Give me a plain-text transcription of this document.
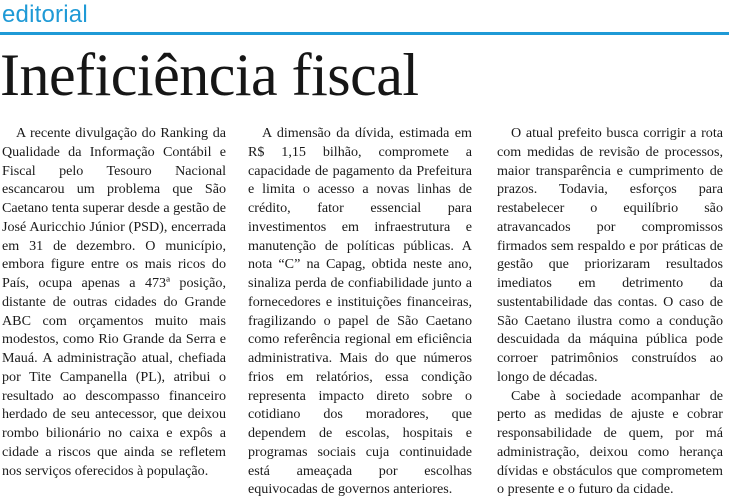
editorial
Ineficiência fiscal

A recente divulgação do Ranking da Qualidade da Informação Contábil e Fiscal pelo Tesouro Nacional escancarou um problema que São Caetano tenta superar desde a gestão de José Auricchio Júnior (PSD), encerrada em 31 de dezembro. O município, embora figure entre os mais ricos do País, ocupa apenas a 473ª posição, distante de outras cidades do Grande ABC com orçamentos muito mais modestos, como Rio Grande da Serra e Mauá. A administração atual, chefiada por Tite Campanella (PL), atribui o resultado ao descompasso financeiro herdado de seu antecessor, que deixou rombo bilionário no caixa e expôs a cidade a riscos que ainda se refletem nos serviços oferecidos à população.

A dimensão da dívida, estimada em R$ 1,15 bilhão, compromete a capacidade de pagamento da Prefeitura e limita o acesso a novas linhas de crédito, fator essencial para investimentos em infraestrutura e manutenção de políticas públicas. A nota “C” na Capag, obtida neste ano, sinaliza perda de confiabilidade junto a fornecedores e instituições financeiras, fragilizando o papel de São Caetano como referência regional em eficiência administrativa. Mais do que números frios em relatórios, essa condição representa impacto direto sobre o cotidiano dos moradores, que dependem de escolas, hospitais e programas sociais cuja continuidade está ameaçada por escolhas equivocadas de governos anteriores.

O atual prefeito busca corrigir a rota com medidas de revisão de processos, maior transparência e cumprimento de prazos. Todavia, esforços para restabelecer o equilíbrio são atravancados por compromissos firmados sem respaldo e por práticas de gestão que priorizaram resultados imediatos em detrimento da sustentabilidade das contas. O caso de São Caetano ilustra como a condução descuidada da máquina pública pode corroer patrimônios construídos ao longo de décadas.

Cabe à sociedade acompanhar de perto as medidas de ajuste e cobrar responsabilidade de quem, por má administração, deixou como herança dívidas e obstáculos que comprometem o presente e o futuro da cidade.
